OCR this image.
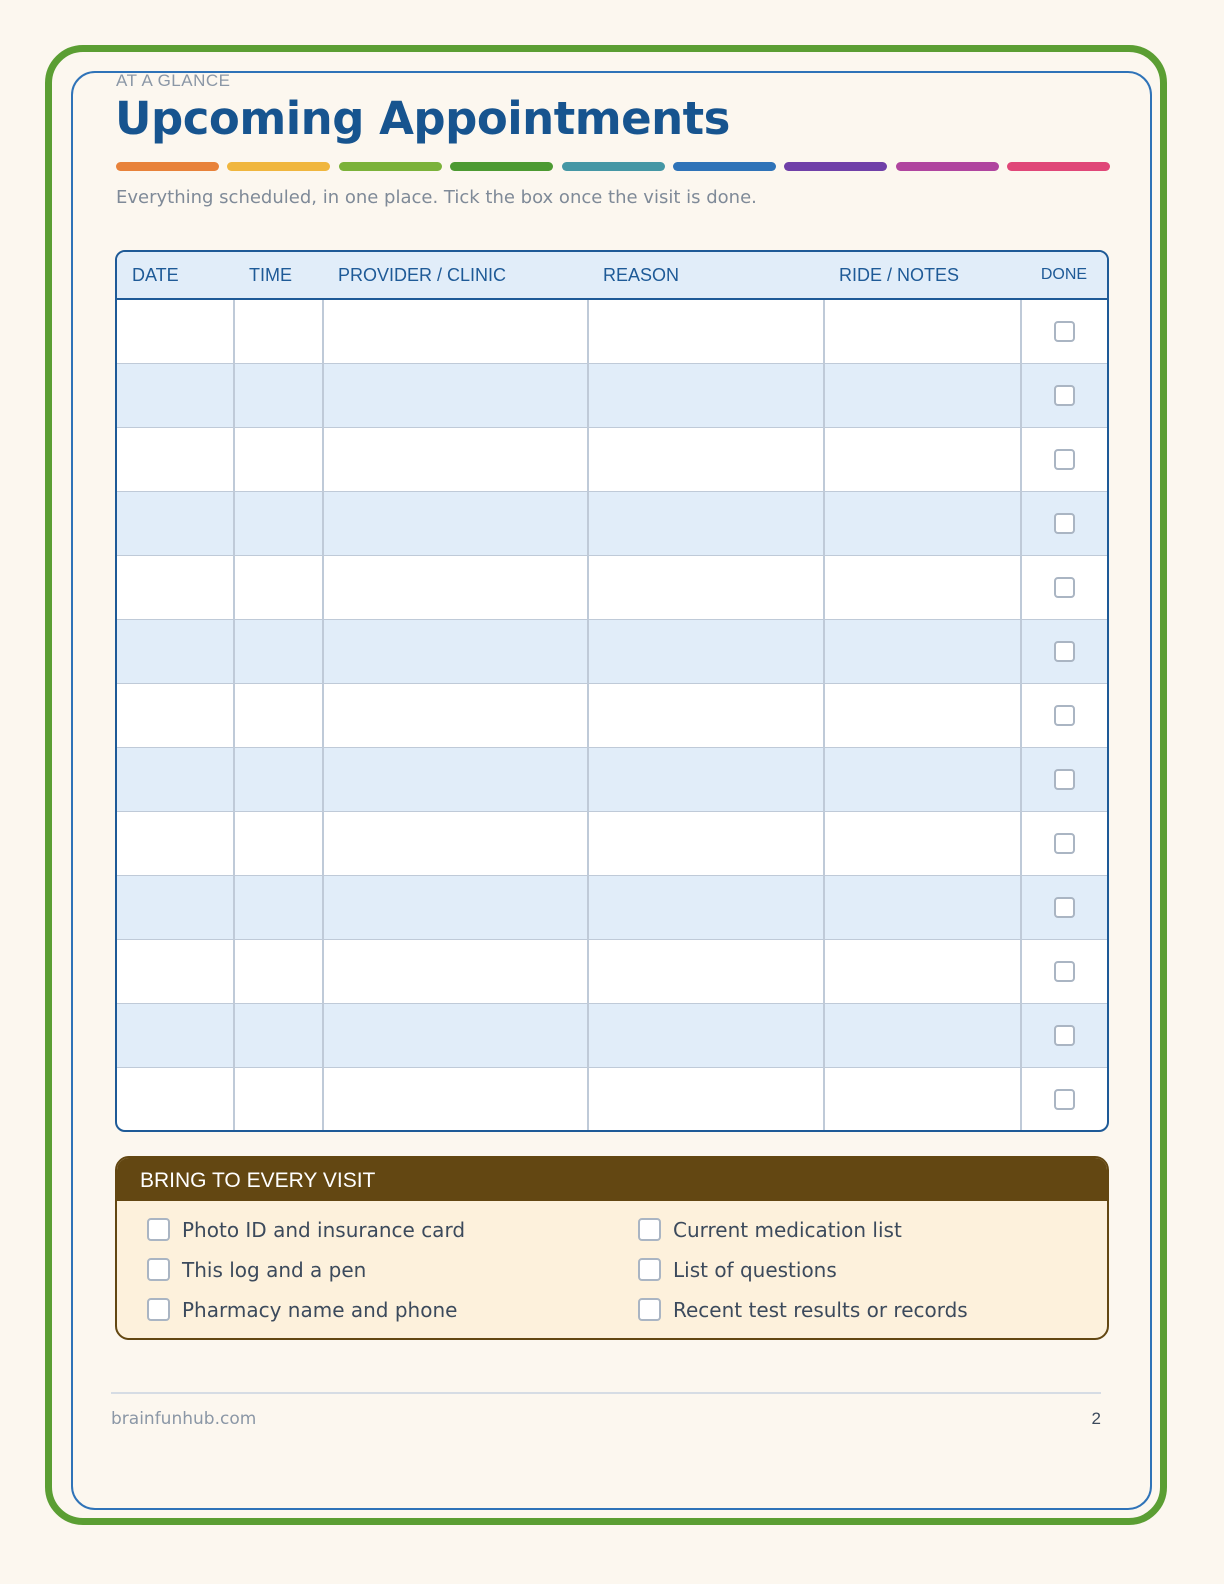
AT A GLANCE
Upcoming Appointments
Everything scheduled, in one place. Tick the box once the visit is done.
DATE	TIME	PROVIDER / CLINIC	REASON	RIDE / NOTES	DONE

BRING TO EVERY VISIT
Photo ID and insurance card	Current medication list
This log and a pen	List of questions
Pharmacy name and phone	Recent test results or records
brainfunhub.com	2
